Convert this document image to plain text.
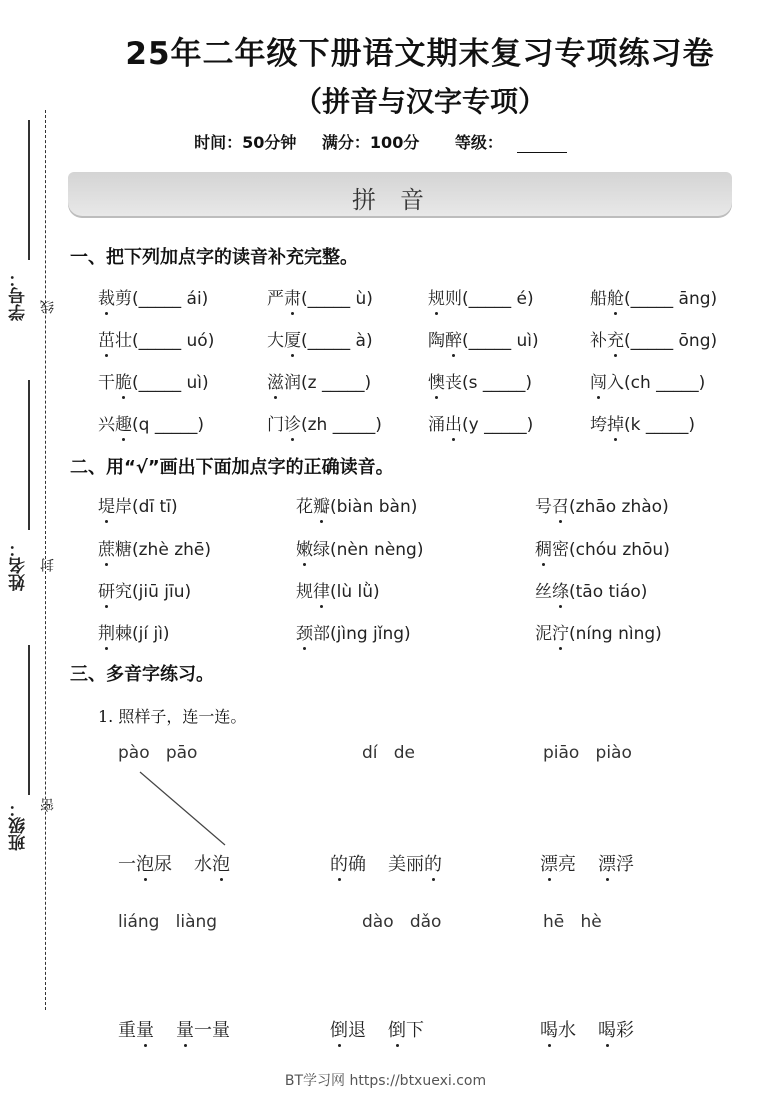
25年二年级下册语文期末复习专项练习卷
（拼音与汉字专项）
时间：50分钟 满分：100分 等级：
学号： 线
姓名： 封
班级： 密
拼音
一、把下列加点字的读音补充完整。
裁剪(_____ ái)	严肃(_____ ù)	规则(_____ é)	船舱(_____ āng)
茁壮(_____ uó)	大厦(_____ à)	陶醉(_____ uì)	补充(_____ ōng)
干脆(_____ uì)	滋润(z _____)	懊丧(s _____)	闯入(ch _____)
兴趣(q _____)	门诊(zh _____)	涌出(y _____)	垮掉(k _____)
二、用“√”画出下面加点字的正确读音。
堤岸(dī tī)	花瓣(biàn bàn)	号召(zhāo zhào)
蔗糖(zhè zhē)	嫩绿(nèn nèng)	稠密(chóu zhōu)
研究(jiū jīu)	规律(lù lǜ)	丝绦(tāo tiáo)
荆棘(jí jì)	颈部(jìng jǐng)	泥泞(níng nìng)
三、多音字练习。
1. 照样子，连一连。
pào   pāo	dí   de	piāo   piào
一泡尿 水泡	的确 美丽的	漂亮 漂浮
liáng   liàng	dào   dǎo	hē   hè
重量 量一量	倒退 倒下	喝水 喝彩
BT学习网 https://btxuexi.com
